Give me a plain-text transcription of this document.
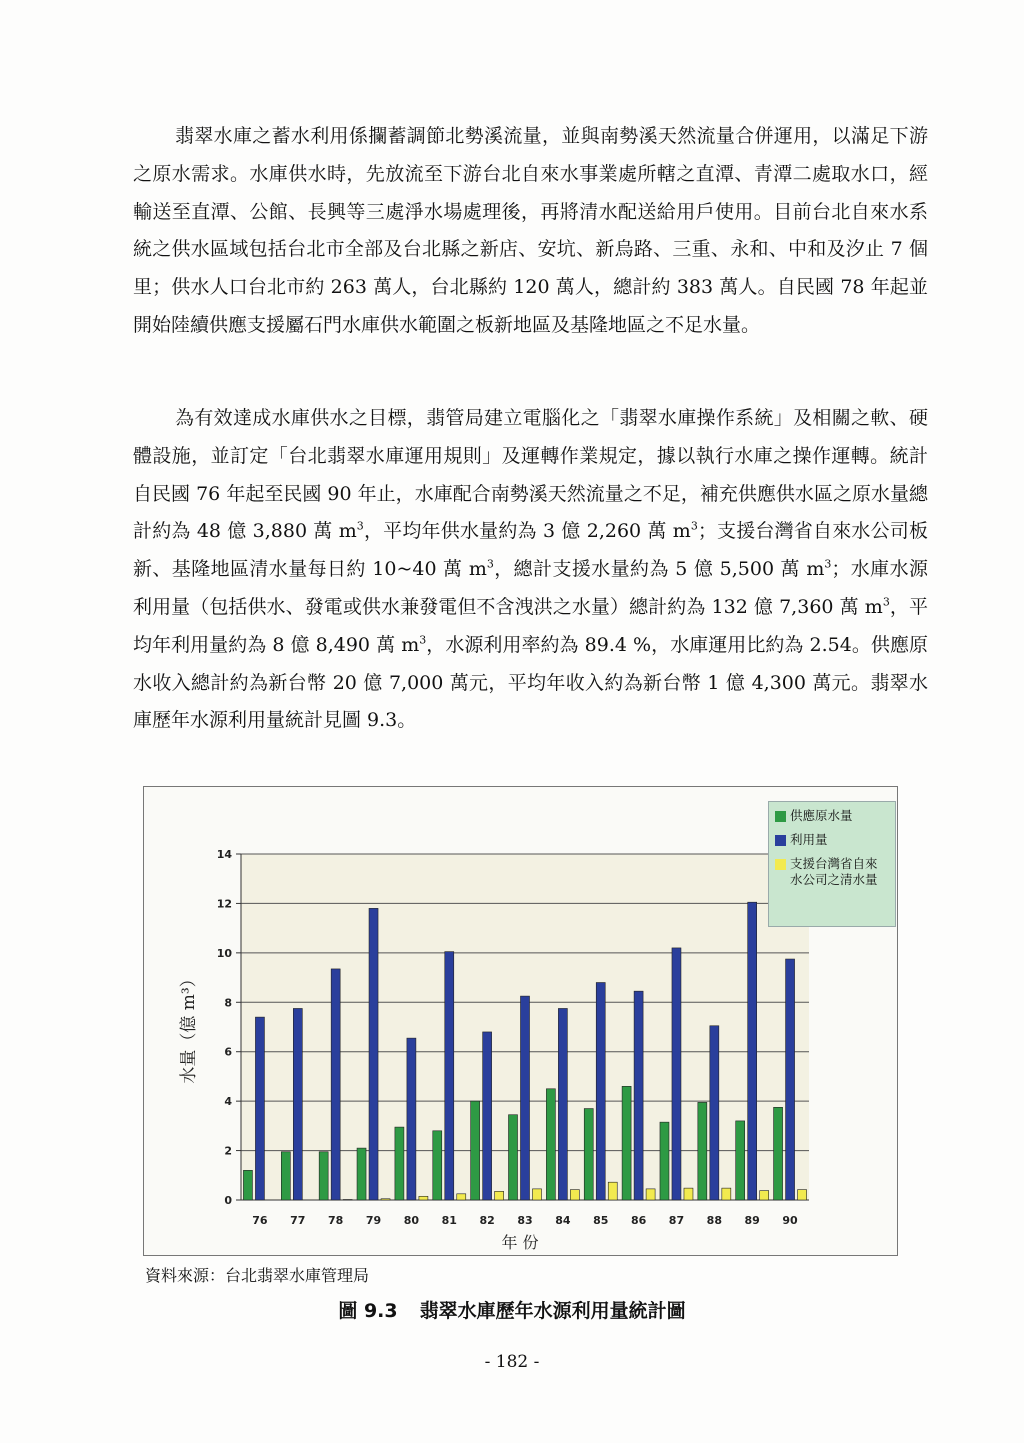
翡翠水庫之蓄水利用係攔蓄調節北勢溪流量，並與南勢溪天然流量合併運用，以滿足下游之原水需求。水庫供水時，先放流至下游台北自來水事業處所轄之直潭、青潭二處取水口，經輸送至直潭、公館、長興等三處淨水場處理後，再將清水配送給用戶使用。目前台北自來水系統之供水區域包括台北市全部及台北縣之新店、安坑、新烏路、三重、永和、中和及汐止 7 個里；供水人口台北市約 263 萬人，台北縣約 120 萬人，總計約 383 萬人。自民國 78 年起並開始陸續供應支援屬石門水庫供水範圍之板新地區及基隆地區之不足水量。

為有效達成水庫供水之目標，翡管局建立電腦化之「翡翠水庫操作系統」及相關之軟、硬體設施，並訂定「台北翡翠水庫運用規則」及運轉作業規定，據以執行水庫之操作運轉。統計自民國 76 年起至民國 90 年止，水庫配合南勢溪天然流量之不足，補充供應供水區之原水量總計約為 48 億 3,880 萬 $m^3$，平均年供水量約為 3 億 2,260 萬 $m^3$；支援台灣省自來水公司板新、基隆地區清水量每日約 10~40 萬 $m^3$，總計支援水量約為 5 億 5,500 萬 $m^3$；水庫水源利用量（包括供水、發電或供水兼發電但不含洩洪之水量）總計約為 132 億 7,360 萬 $m^3$，平均年利用量約為 8 億 8,490 萬 $m^3$，水源利用率約為 89.4 %，水庫運用比約為 2.54。供應原水收入總計約為新台幣 20 億 7,000 萬元，平均年收入約為新台幣 1 億 4,300 萬元。翡翠水庫歷年水源利用量統計見圖 9.3。

0
2
4
6
8
10
12
14
76 77 78 79 80 81 82 83 84 85 86 87 88 89 90
年 份
水量（億 m³）
供應原水量
利用量
支援台灣省自來
水公司之清水量
資料來源：台北翡翠水庫管理局
圖 9.3 翡翠水庫歷年水源利用量統計圖
- 182 -
